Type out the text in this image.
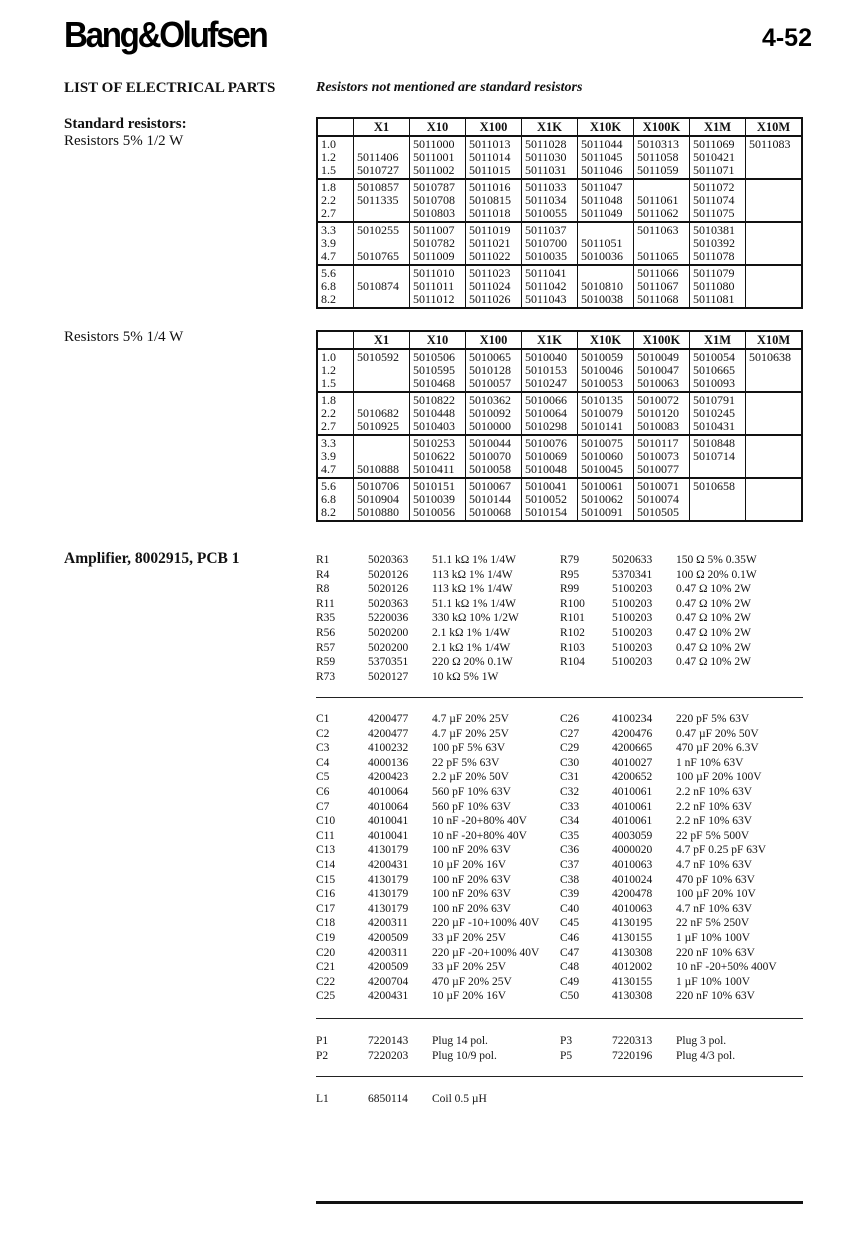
Bang&Olufsen	4-52
LIST OF ELECTRICAL PARTS	Resistors not mentioned are standard resistors
Standard resistors:
Resistors 5% 1/2 W
Resistors 5% 1/4 W
Amplifier, 8002915, PCB 1
	X1	X10	X100	X1K	X10K	X100K	X1M	X10M
1.0		5011000	5011013	5011028	5011044	5010313	5011069	5011083
1.2	5011406	5011001	5011014	5011030	5011045	5011058	5010421	
1.5	5010727	5011002	5011015	5011031	5011046	5011059	5011071	
1.8	5010857	5010787	5011016	5011033	5011047		5011072	
2.2	5011335	5010708	5010815	5011034	5011048	5011061	5011074	
2.7		5010803	5011018	5010055	5011049	5011062	5011075	
3.3	5010255	5011007	5011019	5011037		5011063	5010381	
3.9		5010782	5011021	5010700	5011051		5010392	
4.7	5010765	5011009	5011022	5010035	5010036	5011065	5011078	
5.6		5011010	5011023	5011041		5011066	5011079	
6.8	5010874	5011011	5011024	5011042	5010810	5011067	5011080	
8.2		5011012	5011026	5011043	5010038	5011068	5011081	
	X1	X10	X100	X1K	X10K	X100K	X1M	X10M
1.0	5010592	5010506	5010065	5010040	5010059	5010049	5010054	5010638
1.2		5010595	5010128	5010153	5010046	5010047	5010665	
1.5		5010468	5010057	5010247	5010053	5010063	5010093	
1.8		5010822	5010362	5010066	5010135	5010072	5010791	
2.2	5010682	5010448	5010092	5010064	5010079	5010120	5010245	
2.7	5010925	5010403	5010000	5010298	5010141	5010083	5010431	
3.3		5010253	5010044	5010076	5010075	5010117	5010848	
3.9		5010622	5010070	5010069	5010060	5010073	5010714	
4.7	5010888	5010411	5010058	5010048	5010045	5010077		
5.6	5010706	5010151	5010067	5010041	5010061	5010071	5010658	
6.8	5010904	5010039	5010144	5010052	5010062	5010074		
8.2	5010880	5010056	5010068	5010154	5010091	5010505		
R1	5020363	51.1 kΩ 1% 1/4W	R79	5020633	150 Ω 5% 0.35W
R4	5020126	113 kΩ 1% 1/4W	R95	5370341	100 Ω 20% 0.1W
R8	5020126	113 kΩ 1% 1/4W	R99	5100203	0.47 Ω 10% 2W
R11	5020363	51.1 kΩ 1% 1/4W	R100	5100203	0.47 Ω 10% 2W
R35	5220036	330 kΩ 10% 1/2W	R101	5100203	0.47 Ω 10% 2W
R56	5020200	2.1 kΩ 1% 1/4W	R102	5100203	0.47 Ω 10% 2W
R57	5020200	2.1 kΩ 1% 1/4W	R103	5100203	0.47 Ω 10% 2W
R59	5370351	220 Ω 20% 0.1W	R104	5100203	0.47 Ω 10% 2W
R73	5020127	10 kΩ 5% 1W
C1	4200477	4.7 µF 20% 25V	C26	4100234	220 pF 5% 63V
C2	4200477	4.7 µF 20% 25V	C27	4200476	0.47 µF 20% 50V
C3	4100232	100 pF 5% 63V	C29	4200665	470 µF 20% 6.3V
C4	4000136	22 pF 5% 63V	C30	4010027	1 nF 10% 63V
C5	4200423	2.2 µF 20% 50V	C31	4200652	100 µF 20% 100V
C6	4010064	560 pF 10% 63V	C32	4010061	2.2 nF 10% 63V
C7	4010064	560 pF 10% 63V	C33	4010061	2.2 nF 10% 63V
C10	4010041	10 nF -20+80% 40V	C34	4010061	2.2 nF 10% 63V
C11	4010041	10 nF -20+80% 40V	C35	4003059	22 pF 5% 500V
C13	4130179	100 nF 20% 63V	C36	4000020	4.7 pF 0.25 pF 63V
C14	4200431	10 µF 20% 16V	C37	4010063	4.7 nF 10% 63V
C15	4130179	100 nF 20% 63V	C38	4010024	470 pF 10% 63V
C16	4130179	100 nF 20% 63V	C39	4200478	100 µF 20% 10V
C17	4130179	100 nF 20% 63V	C40	4010063	4.7 nF 10% 63V
C18	4200311	220 µF -10+100% 40V	C45	4130195	22 nF 5% 250V
C19	4200509	33 µF 20% 25V	C46	4130155	1 µF 10% 100V
C20	4200311	220 µF -20+100% 40V	C47	4130308	220 nF 10% 63V
C21	4200509	33 µF 20% 25V	C48	4012002	10 nF -20+50% 400V
C22	4200704	470 µF 20% 25V	C49	4130155	1 µF 10% 100V
C25	4200431	10 µF 20% 16V	C50	4130308	220 nF 10% 63V
P1	7220143	Plug 14 pol.	P3	7220313	Plug 3 pol.
P2	7220203	Plug 10/9 pol.	P5	7220196	Plug 4/3 pol.
L1	6850114	Coil 0.5 µH
